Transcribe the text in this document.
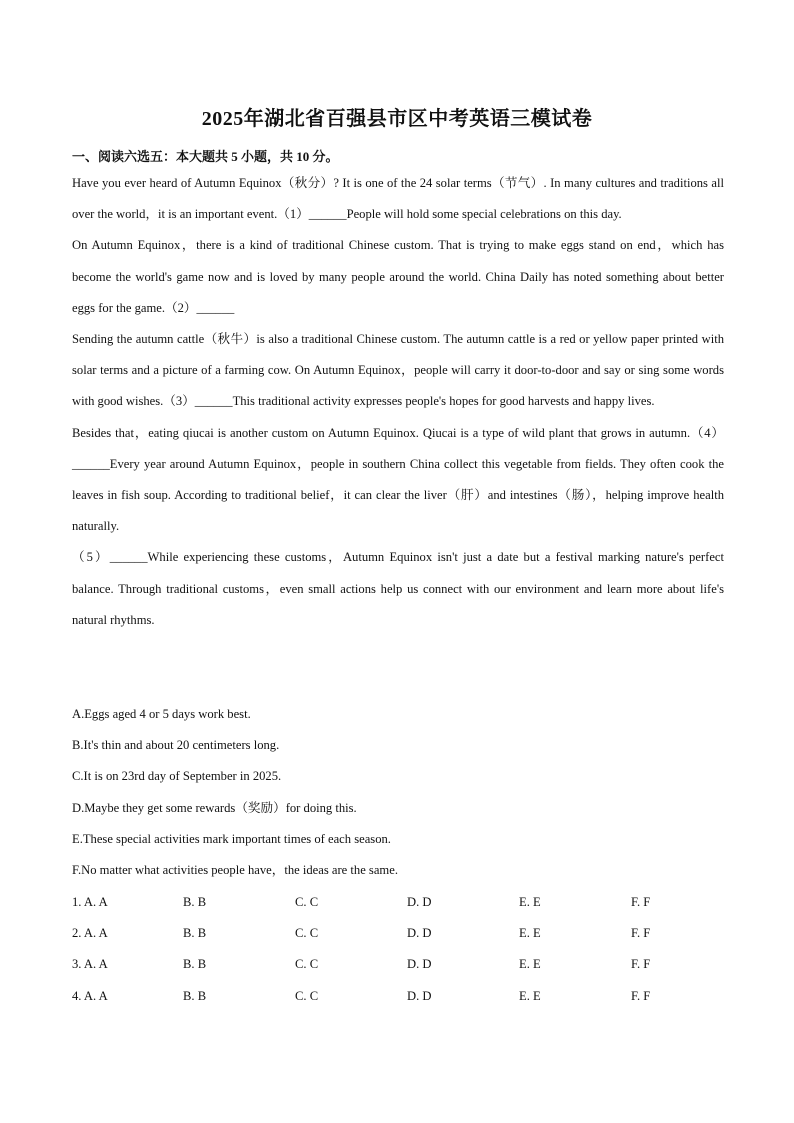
2025年湖北省百强县市区中考英语三模试卷
一、阅读六选五：本大题共 5 小题，共 10 分。

Have you ever heard of Autumn Equinox（秋分）? It is one of the 24 solar terms（节气）. In many cultures and traditions all over the world，it is an important event.（1）______People will hold some special celebrations on this day.

On Autumn Equinox，there is a kind of traditional Chinese custom. That is trying to make eggs stand on end，which has become the world's game now and is loved by many people around the world. China Daily has noted something about better eggs for the game.（2）______

Sending the autumn cattle（秋牛）is also a traditional Chinese custom. The autumn cattle is a red or yellow paper printed with solar terms and a picture of a farming cow. On Autumn Equinox，people will carry it door-to-door and say or sing some words with good wishes.（3）______This traditional activity expresses people's hopes for good harvests and happy lives.

Besides that，eating qiucai is another custom on Autumn Equinox. Qiucai is a type of wild plant that grows in autumn.（4）______Every year around Autumn Equinox，people in southern China collect this vegetable from fields. They often cook the leaves in fish soup. According to traditional belief，it can clear the liver（肝）and intestines（肠），helping improve health naturally.

（5）______While experiencing these customs，Autumn Equinox isn't just a date but a festival marking nature's perfect balance. Through traditional customs，even small actions help us connect with our environment and learn more about life's natural rhythms.

A.Eggs aged 4 or 5 days work best.

B.It's thin and about 20 centimeters long.

C.It is on 23rd day of September in 2025.

D.Maybe they get some rewards（奖励）for doing this.

E.These special activities mark important times of each season.

F.No matter what activities people have，the ideas are the same.

1. A. A	B. B	C. C	D. D	E. E	F. F
2. A. A	B. B	C. C	D. D	E. E	F. F
3. A. A	B. B	C. C	D. D	E. E	F. F
4. A. A	B. B	C. C	D. D	E. E	F. F
